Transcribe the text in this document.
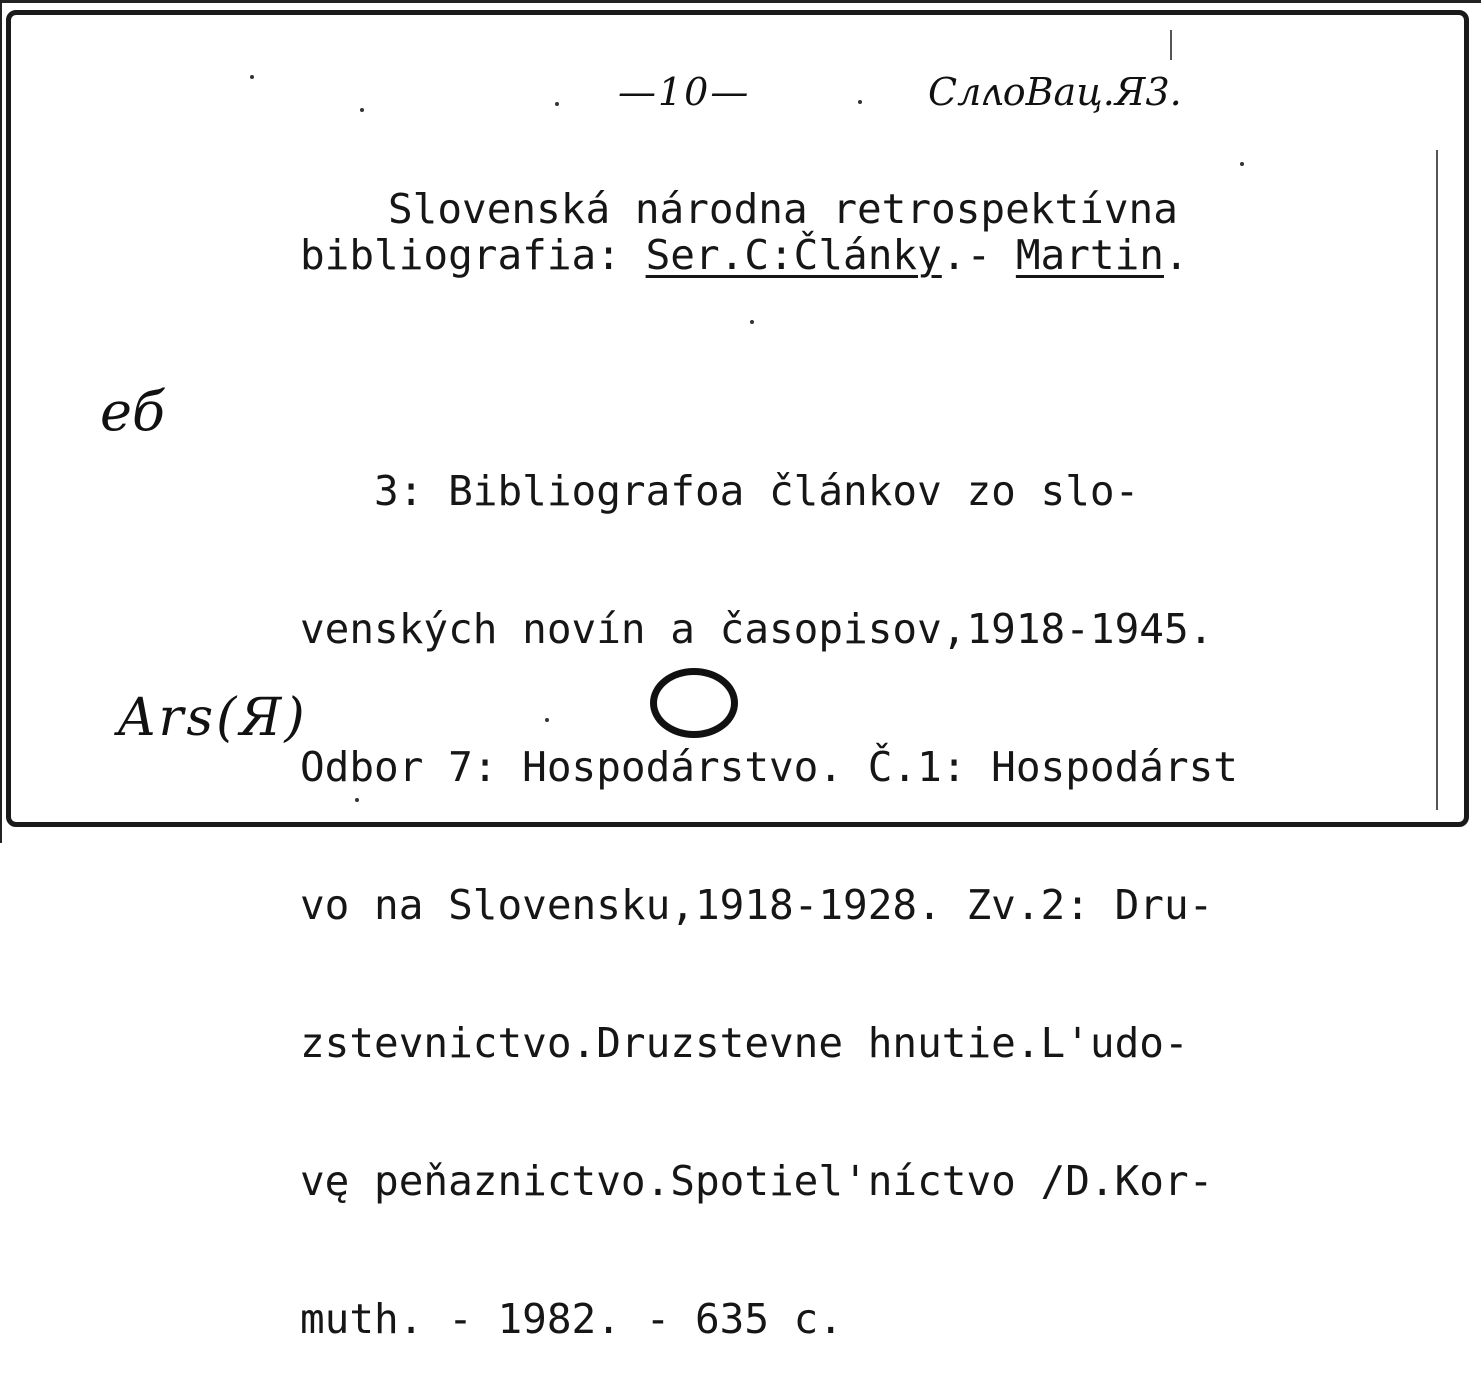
—10—	СлʌоВац.Я3.
Slovenská národna retrospektívna
bibliografia: Ser.C:Články.- Martin.

3: Bibliografoa článkov zo slo-

venských novín a časopisov,1918-1945.

Odbor 7: Hospodárstvo. Č.1: Hospodárst

vo na Slovensku,1918-1928. Zv.2: Dru-

zstevnictvo.Druzstevne hnutie.L'udo-

vę peňaznictvo.Spotiel'níctvo /D.Kor-

muth. - 1982. - 635 c.

еб
Ars(Я)
